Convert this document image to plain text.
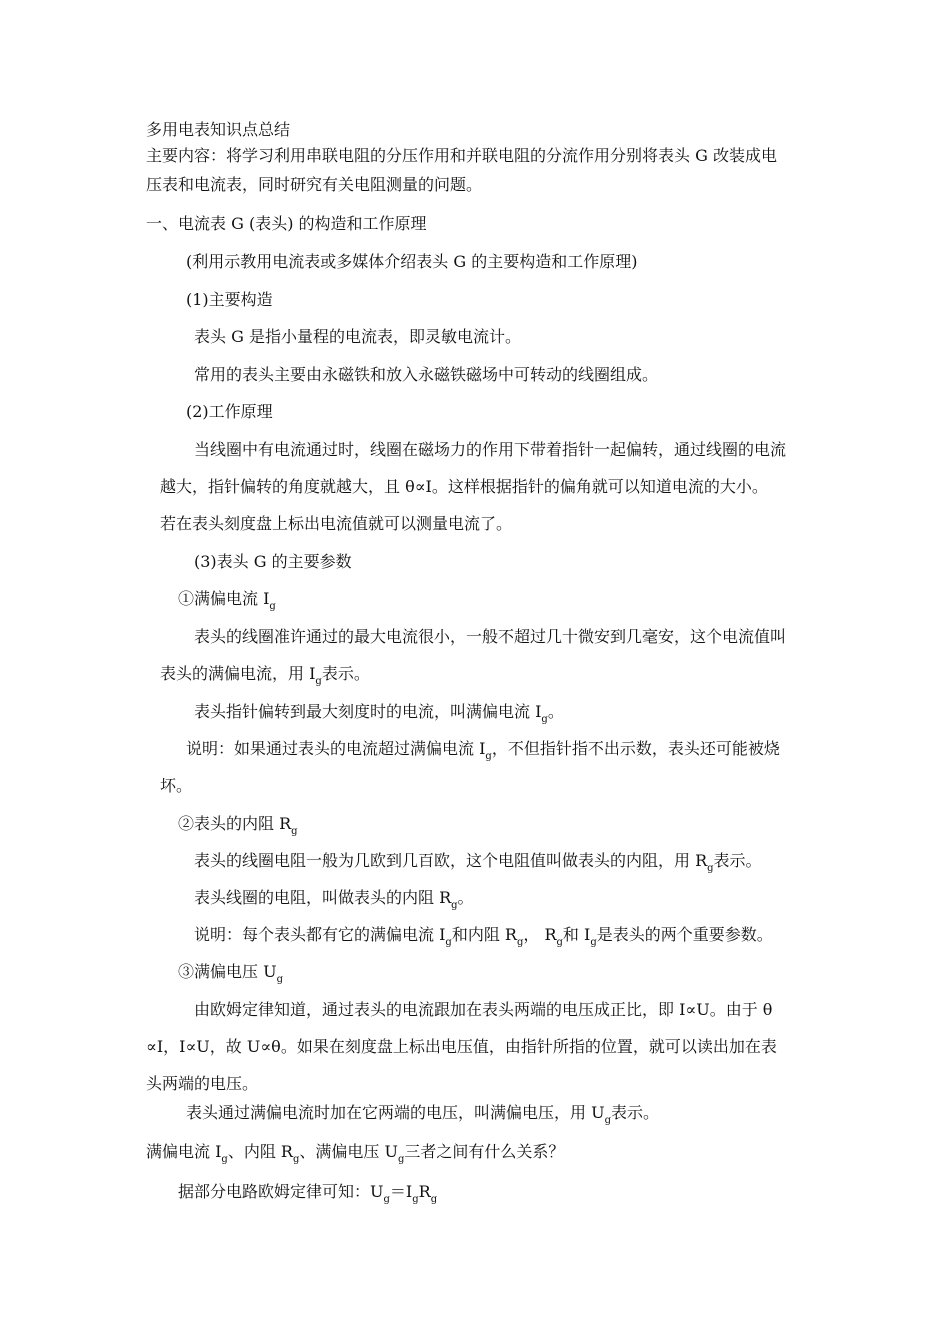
多用电表知识点总结
主要内容：将学习利用串联电阻的分压作用和并联电阻的分流作用分别将表头 G 改装成电
压表和电流表，同时研究有关电阻测量的问题。
一、电流表 G (表头) 的构造和工作原理
(利用示教用电流表或多媒体介绍表头 G 的主要构造和工作原理)
(1)主要构造
表头 G 是指小量程的电流表，即灵敏电流计。
常用的表头主要由永磁铁和放入永磁铁磁场中可转动的线圈组成。
(2)工作原理
当线圈中有电流通过时，线圈在磁场力的作用下带着指针一起偏转，通过线圈的电流
越大，指针偏转的角度就越大，且 θ∝I。这样根据指针的偏角就可以知道电流的大小。
若在表头刻度盘上标出电流值就可以测量电流了。
(3)表头 G 的主要参数
①满偏电流 $I_g$
表头的线圈准许通过的最大电流很小，一般不超过几十微安到几毫安，这个电流值叫
表头的满偏电流，用 $I_g$表示。
表头指针偏转到最大刻度时的电流，叫满偏电流 $I_g$。
说明：如果通过表头的电流超过满偏电流 $I_g$，不但指针指不出示数，表头还可能被烧
坏。
②表头的内阻 $R_g$
表头的线圈电阻一般为几欧到几百欧，这个电阻值叫做表头的内阻，用 $R_g$表示。
表头线圈的电阻，叫做表头的内阻 $R_g$。
说明：每个表头都有它的满偏电流 $I_g$和内阻 $R_g$， $R_g$和 $I_g$是表头的两个重要参数。
③满偏电压 $U_g$
由欧姆定律知道，通过表头的电流跟加在表头两端的电压成正比，即 I∝U。由于 θ
∝I，I∝U，故 U∝θ。如果在刻度盘上标出电压值，由指针所指的位置，就可以读出加在表
头两端的电压。
表头通过满偏电流时加在它两端的电压，叫满偏电压，用 $U_g$表示。
满偏电流 $I_g$、内阻 $R_g$、满偏电压 $U_g$三者之间有什么关系？
据部分电路欧姆定律可知：$U_g=I_gR_g$
